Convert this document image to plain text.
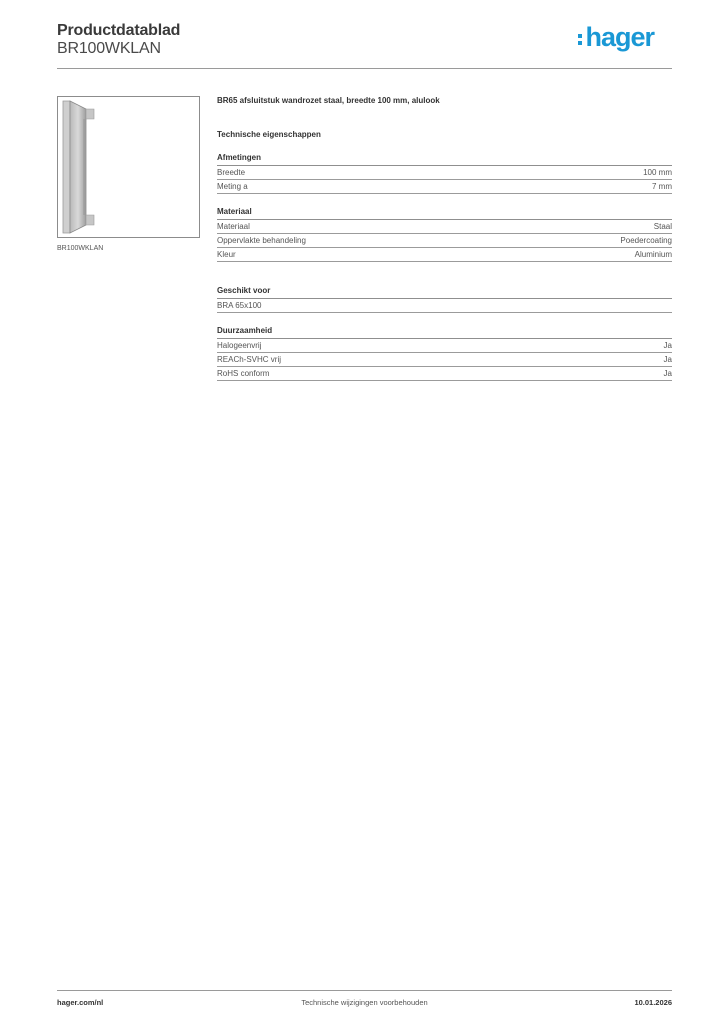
Productdatablad
BR100WKLAN	hager
BR100WKLAN
BR65 afsluitstuk wandrozet staal, breedte 100 mm, alulook
Technische eigenschappen
Afmetingen
Breedte	100 mm
Meting a	7 mm
Materiaal
Materiaal	Staal
Oppervlakte behandeling	Poedercoating
Kleur	Aluminium
Geschikt voor
BRA 65x100
Duurzaamheid
Halogeenvrij	Ja
REACh-SVHC vrij	Ja
RoHS conform	Ja
Technische wijzigingen voorbehouden
hager.com/nl	10.01.2026
